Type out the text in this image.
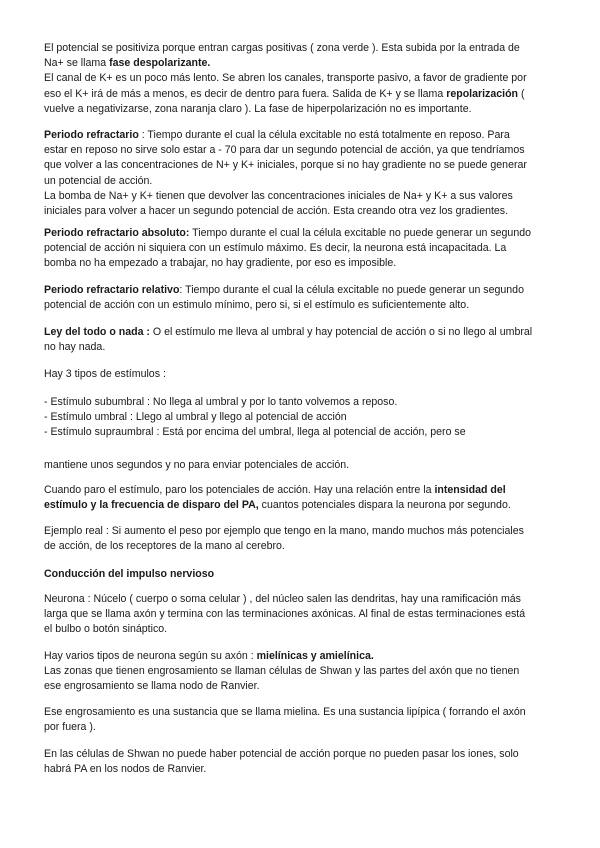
El potencial se positiviza porque entran cargas positivas ( zona verde ). Esta subida por la entrada de
Na+ se llama fase despolarizante.
El canal de K+ es un poco más lento. Se abren los canales, transporte pasivo, a favor de gradiente por
eso el K+ irá de más a menos, es decir de dentro para fuera. Salida de K+ y se llama repolarización (
vuelve a negativizarse, zona naranja claro ). La fase de hiperpolarización no es importante.
Periodo refractario : Tiempo durante el cual la célula excitable no está totalmente en reposo. Para
estar en reposo no sirve solo estar a - 70 para dar un segundo potencial de acción, ya que tendríamos
que volver a las concentraciones de N+ y K+ iniciales, porque si no hay gradiente no se puede generar
un potencial de acción.
La bomba de Na+ y K+ tienen que devolver las concentraciones iniciales de Na+ y K+ a sus valores
iniciales para volver a hacer un segundo potencial de acción. Esta creando otra vez los gradientes.
Periodo refractario absoluto: Tiempo durante el cual la célula excitable no puede generar un segundo
potencial de acción ni siquiera con un estímulo máximo. Es decir, la neurona está incapacitada. La
bomba no ha empezado a trabajar, no hay gradiente, por eso es imposible.
Periodo refractario relativo: Tiempo durante el cual la célula excitable no puede generar un segundo
potencial de acción con un estimulo mínimo, pero si, si el estímulo es suficientemente alto.
Ley del todo o nada : O el estímulo me lleva al umbral y hay potencial de acción o si no llego al umbral
no hay nada.
Hay 3 tipos de estímulos :
- Estímulo subumbral : No llega al umbral y por lo tanto volvemos a reposo.
- Estímulo umbral : Llego al umbral y llego al potencial de acción
- Estímulo supraumbral : Está por encima del umbral, llega al potencial de acción, pero se
mantiene unos segundos y no para enviar potenciales de acción.
Cuando paro el estímulo, paro los potenciales de acción. Hay una relación entre la intensidad del
estímulo y la frecuencia de disparo del PA, cuantos potenciales dispara la neurona por segundo.
Ejemplo real : Si aumento el peso por ejemplo que tengo en la mano, mando muchos más potenciales
de acción, de los receptores de la mano al cerebro.
Conducción del impulso nervioso
Neurona : Núcelo ( cuerpo o soma celular ) , del núcleo salen las dendritas, hay una ramificación más
larga que se llama axón y termina con las terminaciones axónicas. Al final de estas terminaciones está
el bulbo o botón sináptico.
Hay varios tipos de neurona según su axón : mielínicas y amielínica.
Las zonas que tienen engrosamiento se llaman células de Shwan y las partes del axón que no tienen
ese engrosamiento se llama nodo de Ranvier.
Ese engrosamiento es una sustancia que se llama mielina. Es una sustancia lipípica ( forrando el axón
por fuera ).
En las células de Shwan no puede haber potencial de acción porque no pueden pasar los iones, solo
habrá PA en los nodos de Ranvier.
